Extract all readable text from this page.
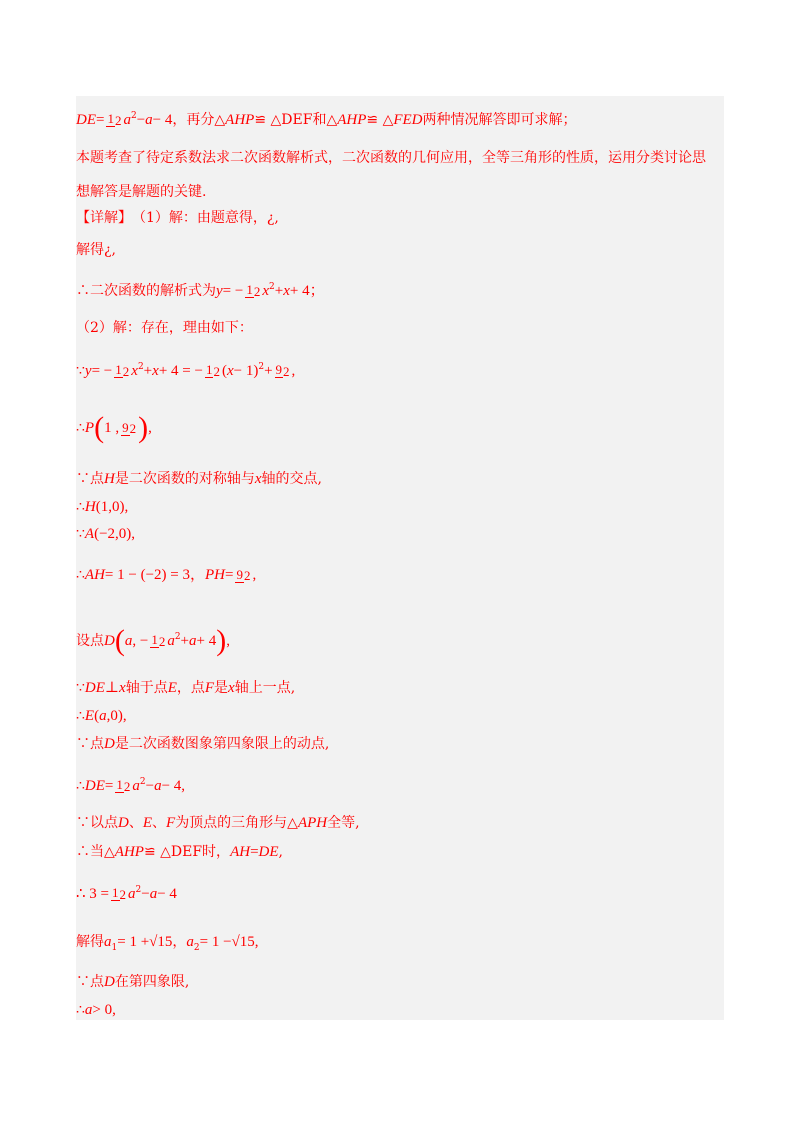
DE= 12 $a^2-a- 4$，再分△AHP≌ △DEF和△AHP≌ △FED两种情况解答即可求解；
本题考查了待定系数法求二次函数解析式，二次函数的几何应用，全等三角形的性质，运用分类讨论思
想解答是解题的关键.
【详解】（1）解：由题意得，¿,
解得¿,
∴二次函数的解析式为y= − 12 $x^2+x+ 4$；
（2）解：存在，理由如下：
∵y= − 12 $x^2+x+ 4$ = − 12 $(x- 1)^2+92$ ,
∴P(1 , 92),
∵点H是二次函数的对称轴与x轴的交点,
∴H(1,0),
∵A(−2,0),
∴AH= 1 − (−2) = 3，PH=92 ,
设点D(a, − 12 $a^2+a+ 4$),
∵DE⊥x轴于点E，点F是x轴上一点,
∴E(a,0),
∵点D是二次函数图象第四象限上的动点,
∴DE=12 $a^2-a- 4$,
∵以点D、E、F为顶点的三角形与△APH全等,
∴当△AHP≌ △DEF时，AH=DE,
∴ 3 =12 $a^2-a- 4$
解得$a_1= 1 +√15$，$a_2= 1 -√15$,
∵点D在第四象限,
∴a> 0,
